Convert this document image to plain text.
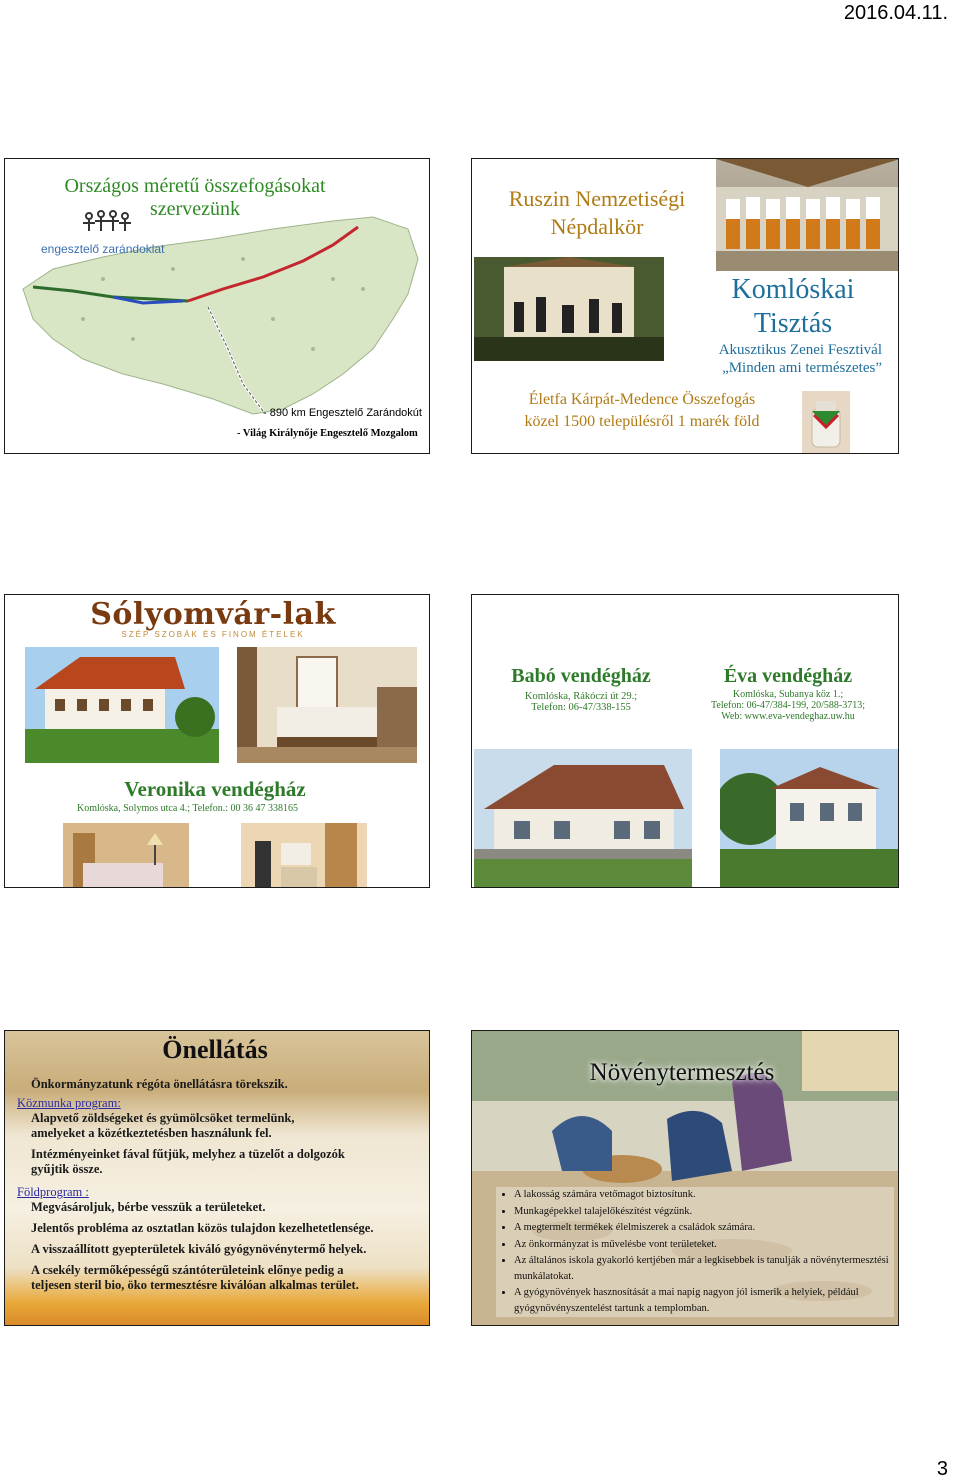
2016.04.11.
3
Országos méretű összefogásokat szervezünk
engesztelő zarándoklat
- 890 km Engesztelő Zarándokút
- Világ Királynője Engesztelő Mozgalom
Ruszin Nemzetiségi
Népdalkör
Komlóskai
Tisztás
Akusztikus Zenei Fesztivál
„Minden ami természetes”
Életfa Kárpát-Medence Összefogás
közel 1500 településről 1 marék föld
Sólyomvár-lak
SZÉP SZOBÁK ÉS FINOM ÉTELEK
Veronika vendégház
Komlóska, Solymos utca 4.; Telefon.: 00 36 47 338165
Babó vendégház
Komlóska, Rákóczi út 29.;
Telefon: 06-47/338-155
Éva vendégház
Komlóska, Subanya köz 1.;
Telefon: 06-47/384-199, 20/588-3713;
Web: www.eva-vendeghaz.uw.hu
Önellátás
Önkormányzatunk régóta önellátásra törekszik.
Közmunka program:
Alapvető zöldségeket és gyümölcsöket termelünk,
amelyeket a közétkeztetésben használunk fel.
Intézményeinket fával fűtjük, melyhez a tüzelőt a dolgozók
gyűjtik össze.
Földprogram :
Megvásároljuk, bérbe vesszük a területeket.
Jelentős probléma az osztatlan közös tulajdon kezelhetetlensége.
A visszaállított gyepterületek kiváló gyógynövénytermő helyek.
A csekély termőképességű szántóterületeink előnye pedig a
teljesen steril bio, öko termesztésre kiválóan alkalmas terület.
Növénytermesztés
• A lakosság számára vetőmagot biztosítunk.
• Munkagépekkel talajelőkészítést végzünk.
• A megtermelt termékek élelmiszerek a családok számára.
• Az önkormányzat is művelésbe vont területeket.
• Az általános iskola gyakorló kertjében már a legkisebbek is tanulják a növénytermesztési munkálatokat.
• A gyógynövények hasznosítását a mai napig nagyon jól ismerik a helyiek, például gyógynövényszentelést tartunk a templomban.
